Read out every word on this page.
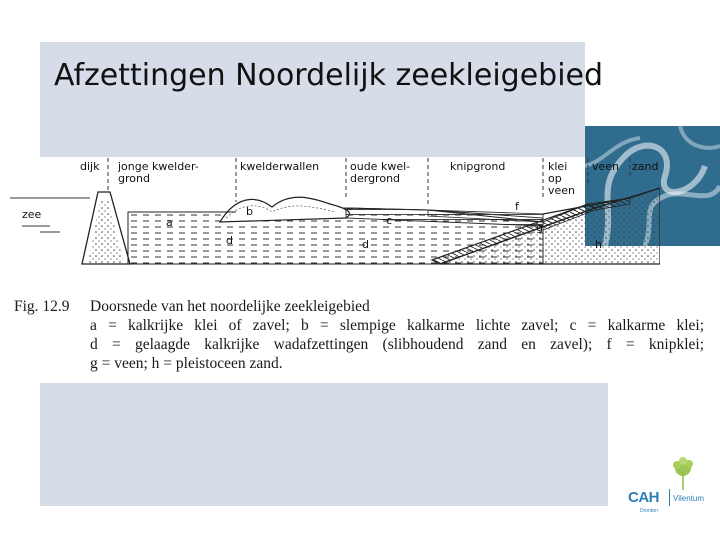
Afzettingen Noordelijk zeekleigebied
dijk jonge kwelder-grond
kwelderwallen	oude kwel-dergrond
knipgrond	klei op veen
veen zand
zee
a
b
c
d	d
f
g
h
Fig. 12.9	Doorsnede van het noordelijke zeekleigebied
a = kalkrijke klei of zavel; b = slempige kalkarme lichte zavel; c = kalkarme klei;
d = gelaagde kalkrijke wadafzettingen (slibhoudend zand en zavel); f = knipklei;
g = veen; h = pleistoceen zand.
CAH Vilentum
Dronten
